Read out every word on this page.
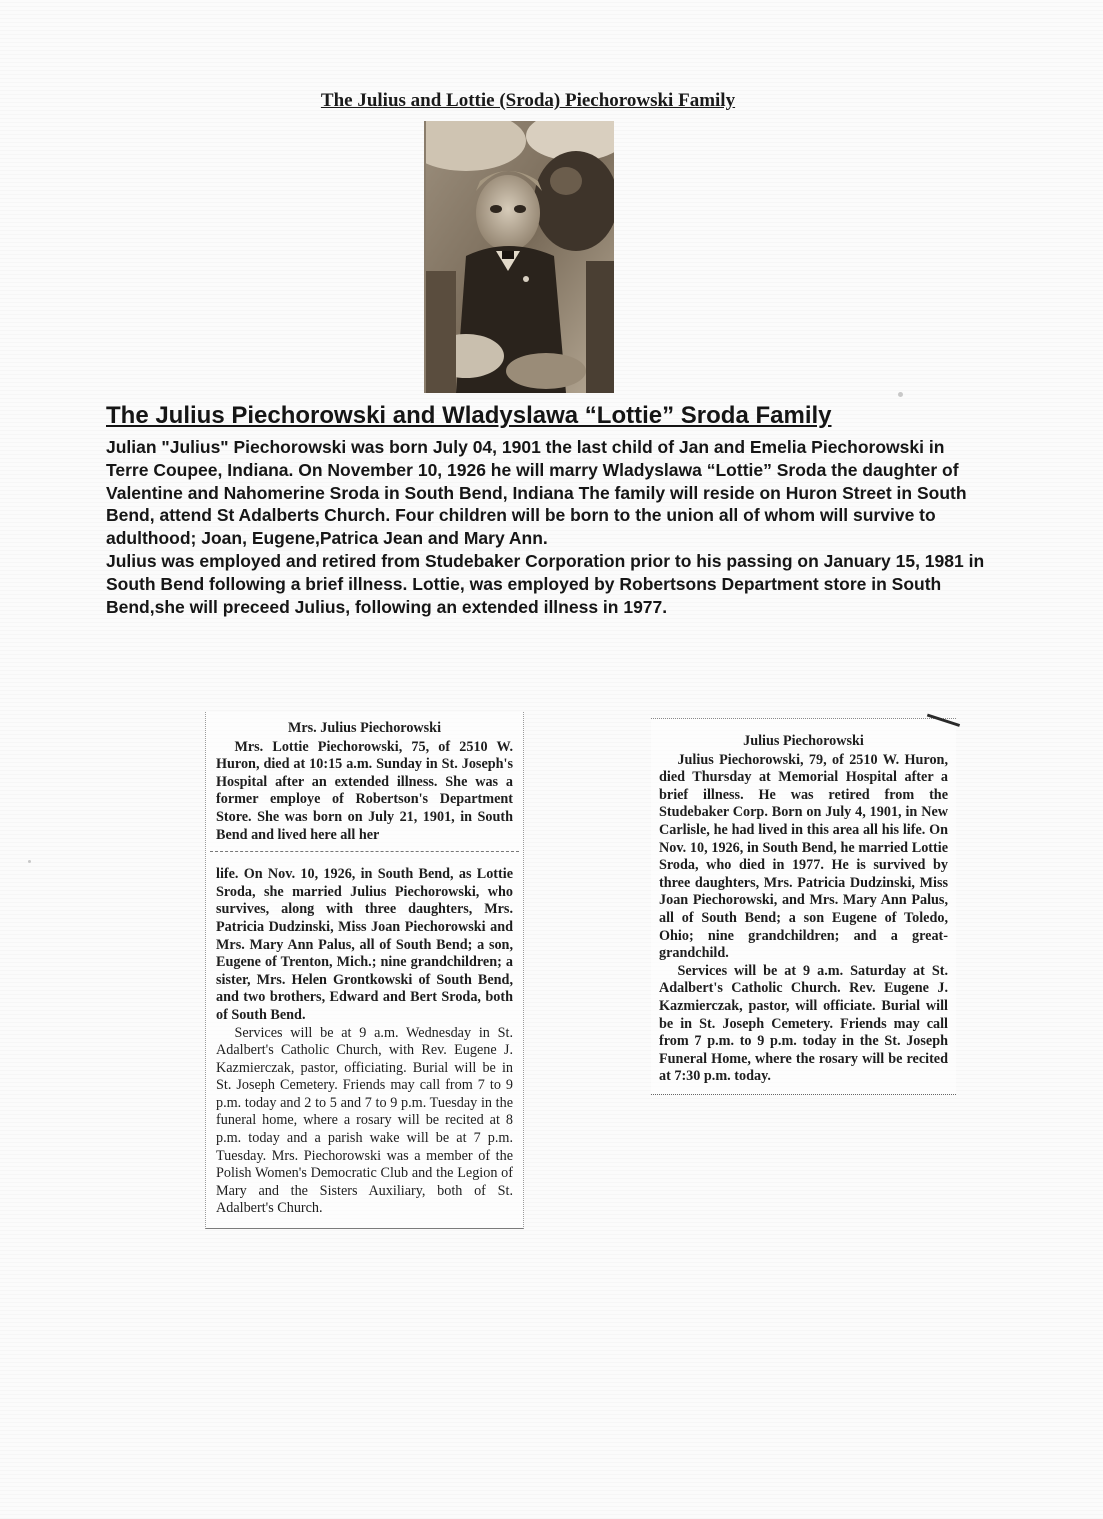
The Julius and Lottie (Sroda) Piechorowski Family
The Julius Piechorowski and Wladyslawa “Lottie” Sroda Family

Julian "Julius" Piechorowski was born July 04, 1901 the last child of Jan and Emelia Piechorowski in Terre Coupee, Indiana. On November 10, 1926 he will marry Wladyslawa “Lottie” Sroda the daughter of Valentine and Nahomerine Sroda in South Bend, Indiana The family will reside on Huron Street in South Bend, attend St Adalberts Church. Four children will be born to the union all of whom will survive to adulthood; Joan, Eugene,Patrica Jean and Mary Ann.

Julius was employed and retired from Studebaker Corporation prior to his passing on January 15, 1981 in South Bend following a brief illness. Lottie, was employed by Robertsons Department store in South Bend,she will preceed Julius, following an extended illness in 1977.

Mrs. Julius Piechorowski

Mrs. Lottie Piechorowski, 75, of 2510 W. Huron, died at 10:15 a.m. Sunday in St. Joseph's Hospital after an extended illness. She was a former employe of Robertson's Department Store. She was born on July 21, 1901, in South Bend and lived here all her

life. On Nov. 10, 1926, in South Bend, as Lottie Sroda, she married Julius Piechorowski, who survives, along with three daughters, Mrs. Patricia Dudzinski, Miss Joan Piechorowski and Mrs. Mary Ann Palus, all of South Bend; a son, Eugene of Trenton, Mich.; nine grandchildren; a sister, Mrs. Helen Grontkowski of South Bend, and two brothers, Edward and Bert Sroda, both of South Bend.

Services will be at 9 a.m. Wednesday in St. Adalbert's Catholic Church, with Rev. Eugene J. Kazmierczak, pastor, officiating. Burial will be in St. Joseph Cemetery. Friends may call from 7 to 9 p.m. today and 2 to 5 and 7 to 9 p.m. Tuesday in the funeral home, where a rosary will be recited at 8 p.m. today and a parish wake will be at 7 p.m. Tuesday. Mrs. Piechorowski was a member of the Polish Women's Democratic Club and the Legion of Mary and the Sisters Auxiliary, both of St. Adalbert's Church.

Julius Piechorowski

Julius Piechorowski, 79, of 2510 W. Huron, died Thursday at Memorial Hospital after a brief illness. He was retired from the Studebaker Corp. Born on July 4, 1901, in New Carlisle, he had lived in this area all his life. On Nov. 10, 1926, in South Bend, he married Lottie Sroda, who died in 1977. He is survived by three daughters, Mrs. Patricia Dudzinski, Miss Joan Piechorowski, and Mrs. Mary Ann Palus, all of South Bend; a son Eugene of Toledo, Ohio; nine grandchildren; and a great-grandchild.

Services will be at 9 a.m. Saturday at St. Adalbert's Catholic Church. Rev. Eugene J. Kazmierczak, pastor, will officiate. Burial will be in St. Joseph Cemetery. Friends may call from 7 p.m. to 9 p.m. today in the St. Joseph Funeral Home, where the rosary will be recited at 7:30 p.m. today.
